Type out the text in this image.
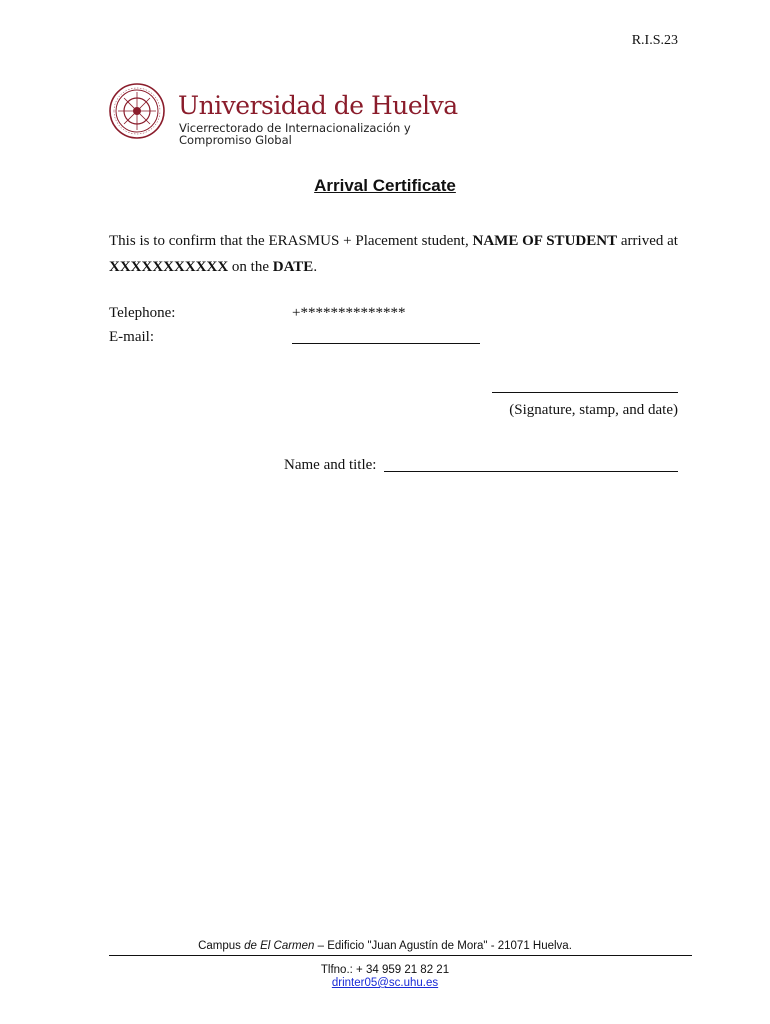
R.I.S.23
Universidad de Huelva
Vicerrectorado de Internacionalización y
Compromiso Global
Arrival Certificate
This is to confirm that the ERASMUS + Placement student, NAME OF STUDENT arrived at XXXXXXXXXXX on the DATE.
Telephone:	+**************
E-mail:
(Signature, stamp, and date)
Name and title:
Campus de El Carmen – Edificio "Juan Agustín de Mora" - 21071 Huelva.
Tlfno.: + 34 959 21 82 21
drinter05@sc.uhu.es
